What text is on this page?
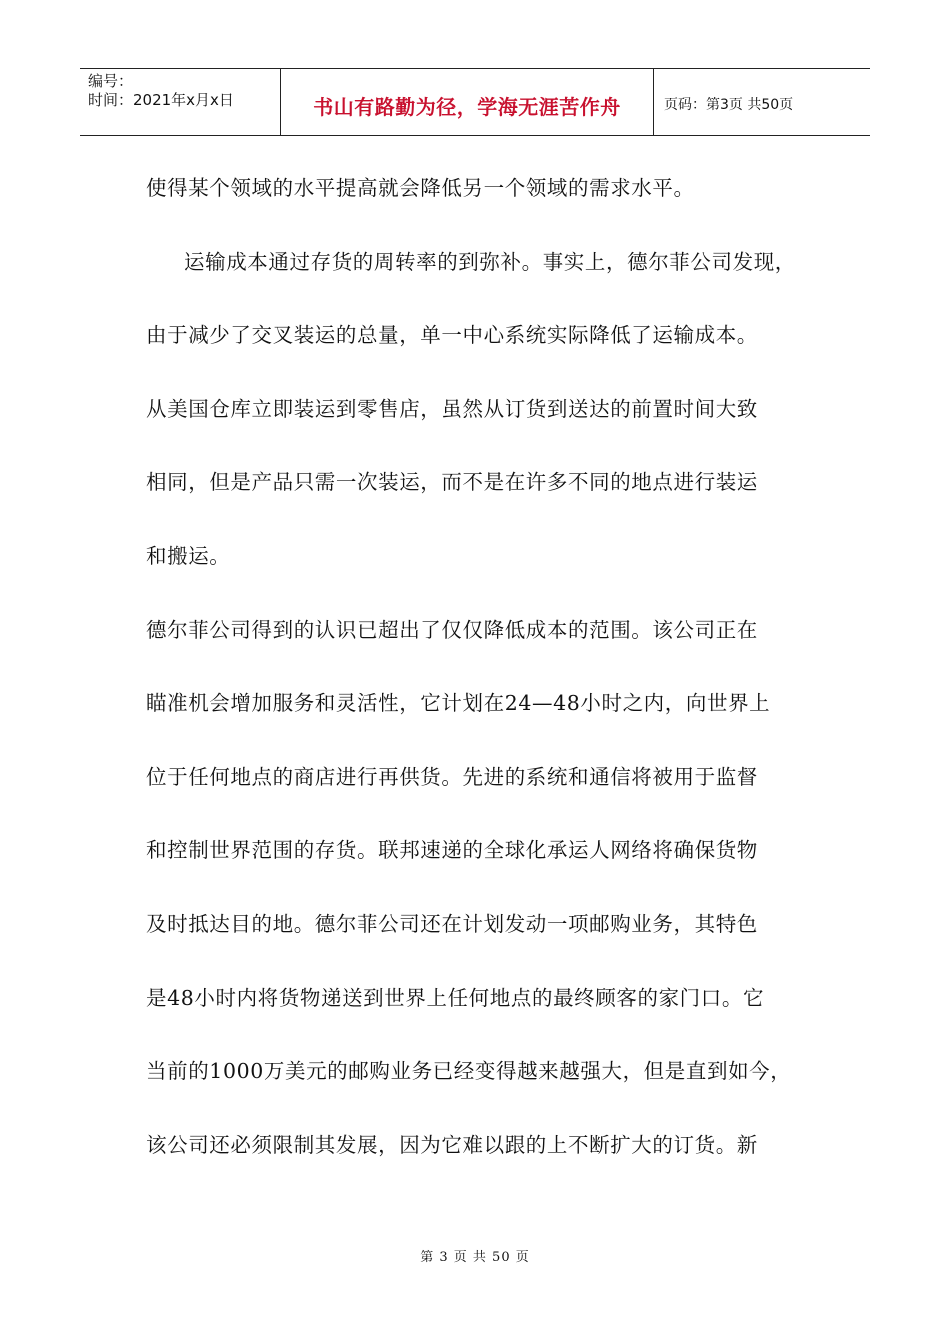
编号：
时间：2021年x月x日	书山有路勤为径，学海无涯苦作舟	页码：第3页 共50页
使得某个领域的水平提高就会降低另一个领域的需求水平。
运输成本通过存货的周转率的到弥补。事实上，德尔菲公司发现，
由于减少了交叉装运的总量，单一中心系统实际降低了运输成本。
从美国仓库立即装运到零售店，虽然从订货到送达的前置时间大致
相同，但是产品只需一次装运，而不是在许多不同的地点进行装运
和搬运。
德尔菲公司得到的认识已超出了仅仅降低成本的范围。该公司正在
瞄准机会增加服务和灵活性，它计划在24—48小时之内，向世界上
位于任何地点的商店进行再供货。先进的系统和通信将被用于监督
和控制世界范围的存货。联邦速递的全球化承运人网络将确保货物
及时抵达目的地。德尔菲公司还在计划发动一项邮购业务，其特色
是48小时内将货物递送到世界上任何地点的最终顾客的家门口。它
当前的1000万美元的邮购业务已经变得越来越强大，但是直到如今，
该公司还必须限制其发展，因为它难以跟的上不断扩大的订货。新
第 3 页 共 50 页
